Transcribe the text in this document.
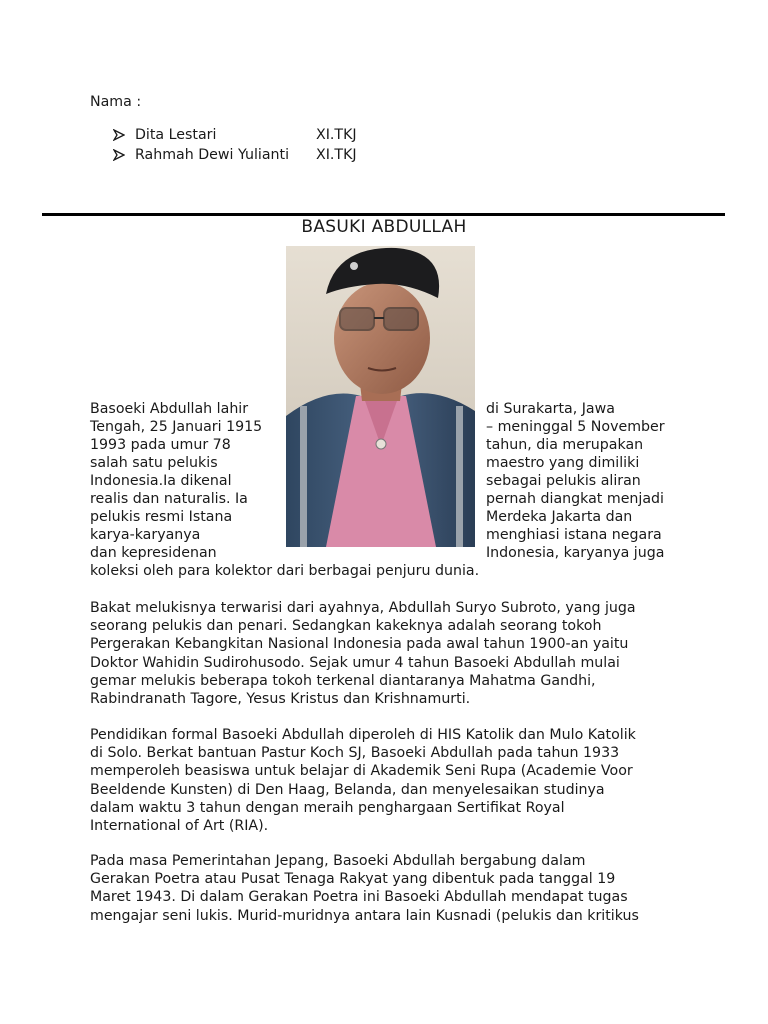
Nama :
Dita Lestari	XI.TKJ
Rahmah Dewi Yulianti XI.TKJ
BASUKI ABDULLAH
Basoeki Abdullah lahir
Tengah, 25 Januari 1915
1993 pada umur 78
salah satu pelukis
Indonesia.Ia dikenal
realis dan naturalis. Ia
pelukis resmi Istana
karya-karyanya
dan kepresidenan
di Surakarta, Jawa
– meninggal 5 November
tahun, dia merupakan
maestro yang dimiliki
sebagai pelukis aliran
pernah diangkat menjadi
Merdeka Jakarta dan
menghiasi istana negara
Indonesia, karyanya juga
koleksi oleh para kolektor dari berbagai penjuru dunia.
Bakat melukisnya terwarisi dari ayahnya, Abdullah Suryo Subroto, yang juga
seorang pelukis dan penari. Sedangkan kakeknya adalah seorang tokoh
Pergerakan Kebangkitan Nasional Indonesia pada awal tahun 1900-an yaitu
Doktor Wahidin Sudirohusodo. Sejak umur 4 tahun Basoeki Abdullah mulai
gemar melukis beberapa tokoh terkenal diantaranya Mahatma Gandhi,
Rabindranath Tagore, Yesus Kristus dan Krishnamurti.
Pendidikan formal Basoeki Abdullah diperoleh di HIS Katolik dan Mulo Katolik
di Solo. Berkat bantuan Pastur Koch SJ, Basoeki Abdullah pada tahun 1933
memperoleh beasiswa untuk belajar di Akademik Seni Rupa (Academie Voor
Beeldende Kunsten) di Den Haag, Belanda, dan menyelesaikan studinya
dalam waktu 3 tahun dengan meraih penghargaan Sertifikat Royal
International of Art (RIA).
Pada masa Pemerintahan Jepang, Basoeki Abdullah bergabung dalam
Gerakan Poetra atau Pusat Tenaga Rakyat yang dibentuk pada tanggal 19
Maret 1943. Di dalam Gerakan Poetra ini Basoeki Abdullah mendapat tugas
mengajar seni lukis. Murid-muridnya antara lain Kusnadi (pelukis dan kritikus
